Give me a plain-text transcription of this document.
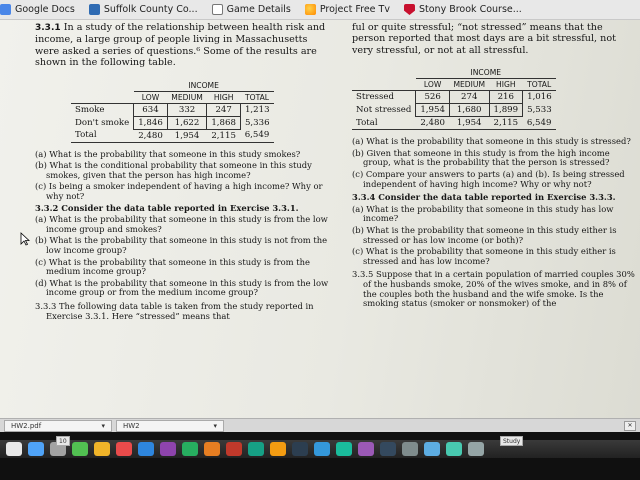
Google Docs	Suffolk County Co...	Game Details	Project Free Tv	Stony Brook Course...

3.3.1 In a study of the relationship between health risk and income, a large group of people living in Massachusetts were asked a series of questions.⁶ Some of the results are shown in the following table.

	INCOME			
	LOW	MEDIUM	HIGH	TOTAL
Smoke	634	332	247	1,213
Don't smoke	1,846	1,622	1,868	5,336
Total	2,480	1,954	2,115	6,549

(a) What is the probability that someone in this study smokes?

(b) What is the conditional probability that someone in this study smokes, given that the person has high income?

(c) Is being a smoker independent of having a high income? Why or why not?

3.3.2 Consider the data table reported in Exercise 3.3.1.

(a) What is the probability that someone in this study is from the low income group and smokes?

(b) What is the probability that someone in this study is not from the low income group?

(c) What is the probability that someone in this study is from the medium income group?

(d) What is the probability that someone in this study is from the low income group or from the medium income group?

3.3.3 The following data table is taken from the study reported in Exercise 3.3.1. Here “stressed” means that

ful or quite stressful; “not stressed” means that the person reported that most days are a bit stressful, not very stressful, or not at all stressful.

	INCOME			
	LOW	MEDIUM	HIGH	TOTAL
Stressed	526	274	216	1,016
Not stressed	1,954	1,680	1,899	5,533
Total	2,480	1,954	2,115	6,549

(a) What is the probability that someone in this study is stressed?

(b) Given that someone in this study is from the high income group, what is the probability that the person is stressed?

(c) Compare your answers to parts (a) and (b). Is being stressed independent of having high income? Why or why not?

3.3.4 Consider the data table reported in Exercise 3.3.3.

(a) What is the probability that someone in this study has low income?

(b) What is the probability that someone in this study either is stressed or has low income (or both)?

(c) What is the probability that someone in this study either is stressed and has low income?

3.3.5 Suppose that in a certain population of married couples 30% of the husbands smoke, 20% of the wives smoke, and in 8% of the couples both the husband and the wife smoke. Is the smoking status (smoker or nonsmoker) of the

HW2.pdf	▾	HW2	▾	✕
10	Study
